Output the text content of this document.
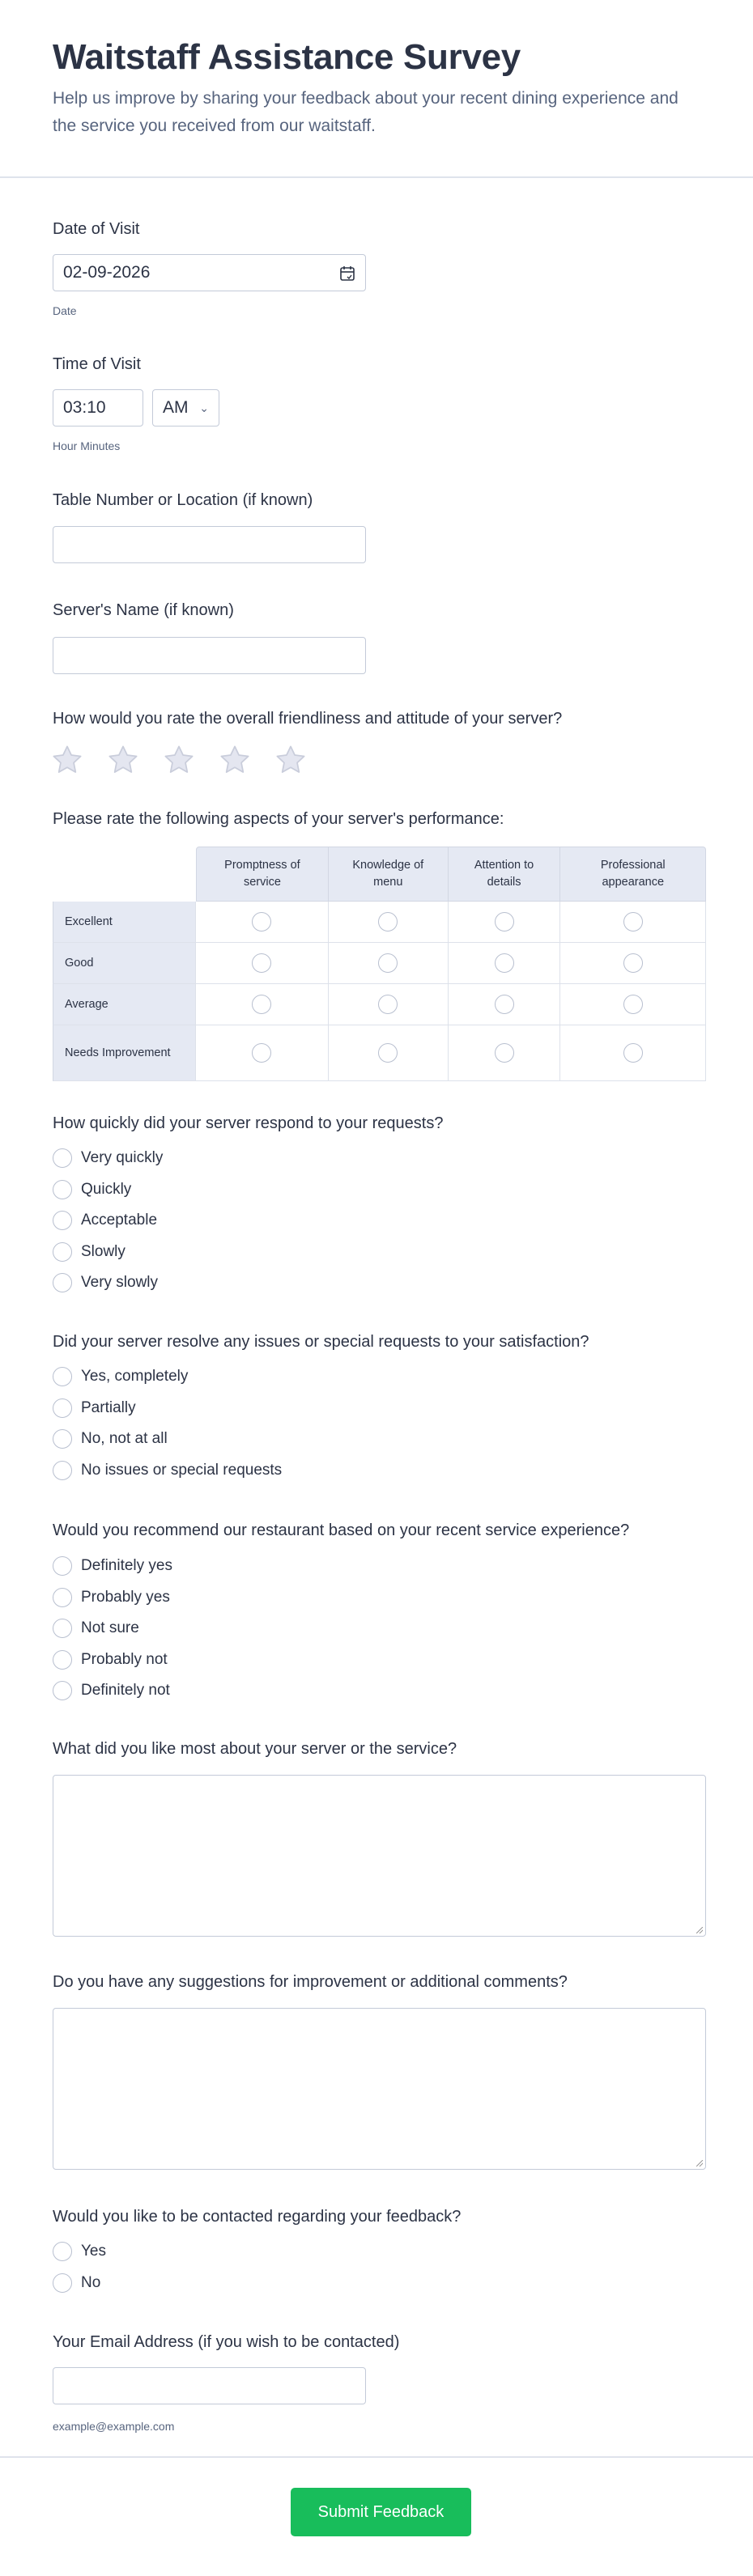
Waitstaff Assistance Survey
Help us improve by sharing your feedback about your recent dining experience and the service you received from our waitstaff.
Date of Visit
02-09-2026
Date
Time of Visit
03:10	AM ⌄
Hour Minutes
Table Number or Location (if known)
Server's Name (if known)
How would you rate the overall friendliness and attitude of your server?
Please rate the following aspects of your server's performance:
	Promptness of service	Knowledge of menu	Attention to details	Professional appearance
Excellent				
Good				
Average				
Needs Improvement				
How quickly did your server respond to your requests?
Very quickly
Quickly
Acceptable
Slowly
Very slowly
Did your server resolve any issues or special requests to your satisfaction?
Yes, completely
Partially
No, not at all
No issues or special requests
Would you recommend our restaurant based on your recent service experience?
Definitely yes
Probably yes
Not sure
Probably not
Definitely not
What did you like most about your server or the service?
Do you have any suggestions for improvement or additional comments?
Would you like to be contacted regarding your feedback?
Yes
No
Your Email Address (if you wish to be contacted)
example@example.com
Submit Feedback
